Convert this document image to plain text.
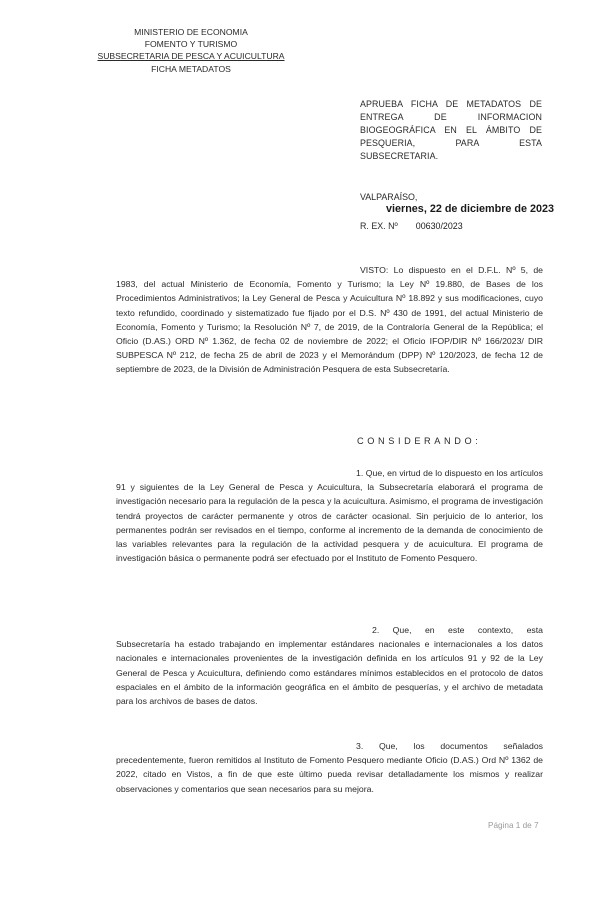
MINISTERIO DE ECONOMIA
FOMENTO Y TURISMO
SUBSECRETARIA DE PESCA Y ACUICULTURA
FICHA METADATOS
APRUEBA FICHA DE METADATOS DE
ENTREGA DE INFORMACION
BIOGEOGRÁFICA EN EL ÁMBITO DE
PESQUERIA, PARA ESTA SUBSECRETARIA.
VALPARAÍSO,
viernes, 22 de diciembre de 2023
R. EX. Nº 00630/2023

VISTO: Lo dispuesto en el D.F.L. Nº 5, de 1983, del actual Ministerio de Economía, Fomento y Turismo; la Ley Nº 19.880, de Bases de los Procedimientos Administrativos; la Ley General de Pesca y Acuicultura Nº 18.892 y sus modificaciones, cuyo texto refundido, coordinado y sistematizado fue fijado por el D.S. Nº 430 de 1991, del actual Ministerio de Economía, Fomento y Turismo; la Resolución Nº 7, de 2019, de la Contraloría General de la República; el Oficio (D.AS.) ORD Nº 1.362, de fecha 02 de noviembre de 2022; el Oficio IFOP/DIR Nº 166/2023/ DIR SUBPESCA Nº 212, de fecha 25 de abril de 2023 y el Memorándum (DPP) Nº 120/2023, de fecha 12 de septiembre de 2023, de la División de Administración Pesquera de esta Subsecretaría.

CONSIDERANDO:

1. Que, en virtud de lo dispuesto en los artículos 91 y siguientes de la Ley General de Pesca y Acuicultura, la Subsecretaría elaborará el programa de investigación necesario para la regulación de la pesca y la acuicultura. Asimismo, el programa de investigación tendrá proyectos de carácter permanente y otros de carácter ocasional. Sin perjuicio de lo anterior, los permanentes podrán ser revisados en el tiempo, conforme al incremento de la demanda de conocimiento de las variables relevantes para la regulación de la actividad pesquera y de acuicultura. El programa de investigación básica o permanente podrá ser efectuado por el Instituto de Fomento Pesquero.

2. Que, en este contexto, esta Subsecretaría ha estado trabajando en implementar estándares nacionales e internacionales a los datos nacionales e internacionales provenientes de la investigación definida en los artículos 91 y 92 de la Ley General de Pesca y Acuicultura, definiendo como estándares mínimos establecidos en el protocolo de datos espaciales en el ámbito de la información geográfica en el ámbito de pesquerías, y el archivo de metadata para los archivos de bases de datos.

3. Que, los documentos señalados precedentemente, fueron remitidos al Instituto de Fomento Pesquero mediante Oficio (D.AS.) Ord Nº 1362 de 2022, citado en Vistos, a fin de que este último pueda revisar detalladamente los mismos y realizar observaciones y comentarios que sean necesarios para su mejora.

Página 1 de 7
